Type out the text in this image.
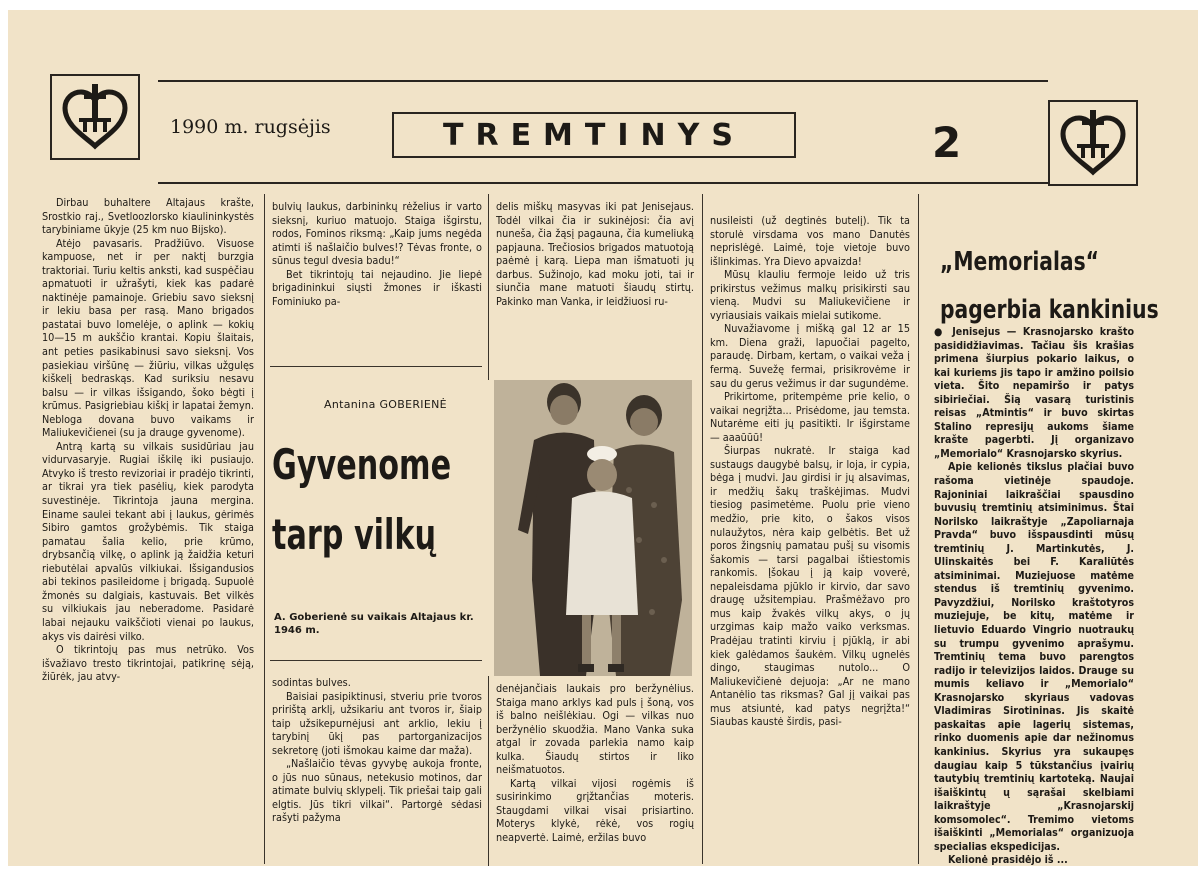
1990 m. rugsėjis	TREMTINYS	2

Dirbau buhaltere Altajaus krašte, Srostkio raj., Svetloozlorsko kiaulininkystės tarybiniame ūkyje (25 km nuo Bijsko).

Atėjo pavasaris. Pradžiūvo. Visuose kampuose, net ir per naktį burzgia traktoriai. Turiu keltis anksti, kad suspėčiau apmatuoti ir užrašyti, kiek kas padarė naktinėje pamainoje. Griebiu savo sieksnį ir lekiu basa per rasą. Mano brigados pastatai buvo lomelėje, o aplink — kokių 10—15 m aukščio krantai. Kopiu šlaitais, ant peties pasikabinusi savo sieksnį. Vos pasiekiau viršūnę — žiūriu, vilkas užgulęs kiškelį bedraskąs. Kad suriksiu nesavu balsu — ir vilkas išsigando, šoko bėgti į krūmus. Pasigriebiau kiškį ir lapatai žemyn. Nebloga dovana buvo vaikams ir Maliukevičienei (su ja drauge gyvenome).

Antrą kartą su vilkais susidūriau jau vidurvasaryje. Rugiai iškilę iki pusiaujo. Atvyko iš tresto revizoriai ir pradėjo tikrinti, ar tikrai yra tiek pasėlių, kiek parodyta suvestinėje. Tikrintoja jauna mergina. Einame saulei tekant abi į laukus, gėrimės Sibiro gamtos grožybėmis. Tik staiga pamatau šalia kelio, prie krūmo, drybsančią vilkę, o aplink ją žaidžia keturi riebutėlai apvalūs vilkiukai. Išsigandusios abi tekinos pasileidome į brigadą. Supuolė žmonės su dalgiais, kastuvais. Bet vilkės su vilkiukais jau neberadome. Pasidarė labai nejauku vaikščioti vienai po laukus, akys vis dairėsi vilko.

O tikrintojų pas mus netrūko. Vos išvažiavo tresto tikrintojai, patikrinę sėją, žiūrėk, jau atvy-

bulvių laukus, darbininkų rėželius ir varto sieksnį, kuriuo matuojo. Staiga išgirstu, rodos, Fominos riksmą: „Kaip jums negėda atimti iš našlaičio bulves!? Tėvas fronte, o sūnus tegul dvesia badu!“

Bet tikrintojų tai nejaudino. Jie liepė brigadininkui siųsti žmones ir iškasti Fominiuko pa-

Antanina GOBERIENĖ
Gyvenome
tarp vilkų
A. Goberienė su vaikais Altajaus kr. 1946 m.

sodintas bulves.

Baisiai pasipiktinusi, stveriu prie tvoros pririštą arklį, užsikariu ant tvoros ir, šiaip taip užsikepurnėjusi ant arklio, lekiu į tarybinį ūkį pas partorganizacijos sekretorę (joti išmokau kaime dar maža).

„Našlaičio tėvas gyvybę aukoja fronte, o jūs nuo sūnaus, netekusio motinos, dar atimate bulvių sklypelį. Tik priešai taip gali elgtis. Jūs tikri vilkai“. Partorgė sėdasi rašyti pažyma

delis miškų masyvas iki pat Jenisejaus. Todėl vilkai čia ir sukinėjosi: čia avį nuneša, čia žąsį pagauna, čia kumeliuką papjauna. Trečiosios brigados matuotoją paėmė į karą. Liepa man išmatuoti jų darbus. Sužinojo, kad moku joti, tai ir siunčia mane matuoti šiaudų stirtų. Pakinko man Vanka, ir leidžiuosi ru-

denėjančiais laukais pro beržynėlius. Staiga mano arklys kad puls į šoną, vos iš balno neišlėkiau. Ogi — vilkas nuo beržynėlio skuodžia. Mano Vanka suka atgal ir zovada parlekia namo kaip kulka. Šiaudų stirtos ir liko neišmatuotos.

Kartą vilkai vijosi rogėmis iš susirinkimo grįžtančias moteris. Staugdami vilkai visai prisiartino. Moterys klykė, rėkė, vos rogių neapvertė. Laimė, eržilas buvo

nusileisti (už degtinės butelį). Tik ta storulė virsdama vos mano Danutės neprislėgė. Laimė, toje vietoje buvo išlinkimas. Yra Dievo apvaizda!

Mūsų klauliu fermoje leido už tris prikirstus vežimus malkų prisikirsti sau vieną. Mudvi su Maliukevičiene ir vyriausiais vaikais mielai sutikome.

Nuvažiavome į mišką gal 12 ar 15 km. Diena graži, lapuočiai pagelto, paraudę. Dirbam, kertam, o vaikai veža į fermą. Suvežę fermai, prisikrovėme ir sau du gerus vežimus ir dar sugundėme.

Prikirtome, pritempėme prie kelio, o vaikai negrįžta... Prisėdome, jau temsta. Nutarėme eiti jų pasitikti. Ir išgirstame — aaaūūū!

Šiurpas nukratė. Ir staiga kad sustaugs daugybė balsų, ir loja, ir cypia, bėga į mudvi. Jau girdisi ir jų alsavimas, ir medžių šakų traškėjimas. Mudvi tiesiog pasimetėme. Puolu prie vieno medžio, prie kito, o šakos visos nulaužytos, nėra kaip gelbėtis. Bet už poros žingsnių pamatau pušį su visomis šakomis — tarsi pagalbai ištiestomis rankomis. Įšokau į ją kaip voverė, nepaleisdama pjūklo ir kirvio, dar savo draugę užsitempiau. Prašmėžavo pro mus kaip žvakės vilkų akys, o jų urzgimas kaip mažo vaiko verksmas. Pradėjau tratinti kirviu į pjūklą, ir abi kiek galėdamos šaukėm. Vilkų ugnelės dingo, staugimas nutolo... O Maliukevičienė dejuoja: „Ar ne mano Antanėlio tas riksmas? Gal jį vaikai pas mus atsiuntė, kad patys negrįžta!“ Siaubas kaustė širdis, pasi-

„Memorialas“
pagerbia kankinius

● Jenisejus — Krasnojarsko krašto pasididžiavimas. Tačiau šis krašias primena šiurpius pokario laikus, o kai kuriems jis tapo ir amžino poilsio vieta. Šito nepamiršo ir patys sibiriečiai. Šią vasarą turistinis reisas „Atmintis“ ir buvo skirtas Stalino represijų aukoms šiame krašte pagerbti. Jį organizavo „Memorialo“ Krasnojarsko skyrius.

Apie kelionės tikslus plačiai buvo rašoma vietinėje spaudoje. Rajoniniai laikraščiai spausdino buvusių tremtinių atsiminimus. Štai Norilsko laikraštyje „Zapoliarnaja Pravda“ buvo išspausdinti mūsų tremtinių J. Martinkutės, J. Ulinskaitės bei F. Karaliūtės atsiminimai. Muziejuose matėme stendus iš tremtinių gyvenimo. Pavyzdžiui, Norilsko kraštotyros muziejuje, be kitų, matėme ir lietuvio Eduardo Vingrio nuotraukų su trumpu gyvenimo aprašymu. Tremtinių tema buvo parengtos radijo ir televizijos laidos. Drauge su mumis keliavo ir „Memorialo“ Krasnojarsko skyriaus vadovas Vladimiras Sirotininas. Jis skaitė paskaitas apie lagerių sistemas, rinko duomenis apie dar nežinomus kankinius. Skyrius yra sukaupęs daugiau kaip 5 tūkstančius įvairių tautybių tremtinių kartoteką. Naujai išaiškintų ų sąrašai skelbiami laikraštyje „Krasnojarskij komsomolec“. Tremimo vietoms išaiškinti „Memorialas“ organizuoja specialias ekspedicijas.

Kelionė prasidėjo iš ...
